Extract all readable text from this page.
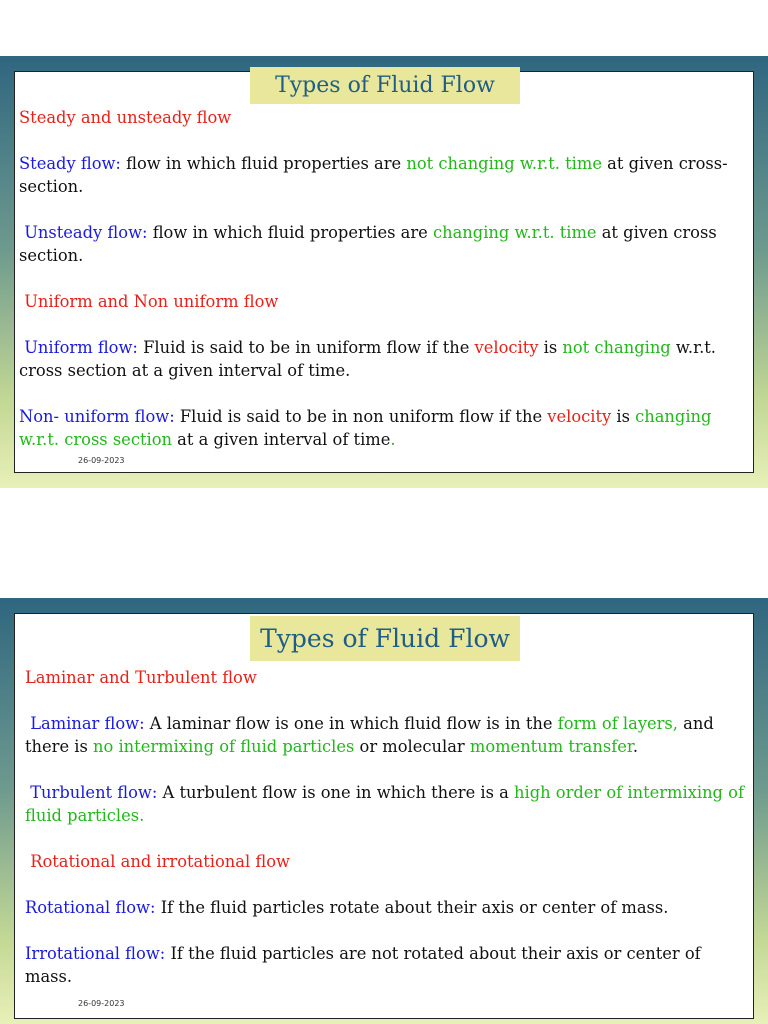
Types of Fluid Flow

Steady and unsteady flow

Steady flow: flow in which fluid properties are not changing w.r.t. time at given cross-section.

Unsteady flow: flow in which fluid properties are changing w.r.t. time at given cross section.

Uniform and Non uniform flow

Uniform flow: Fluid is said to be in uniform flow if the velocity is not changing w.r.t. cross section at a given interval of time.

Non- uniform flow: Fluid is said to be in non uniform flow if the velocity is changing w.r.t. cross section at a given interval of time.

26-09-2023
Types of Fluid Flow

Laminar and Turbulent flow

Laminar flow: A laminar flow is one in which fluid flow is in the form of layers, and there is no intermixing of fluid particles or molecular momentum transfer.

Turbulent flow: A turbulent flow is one in which there is a high order of intermixing of fluid particles.

Rotational and irrotational flow

Rotational flow: If the fluid particles rotate about their axis or center of mass.

Irrotational flow: If the fluid particles are not rotated about their axis or center of mass.

26-09-2023
